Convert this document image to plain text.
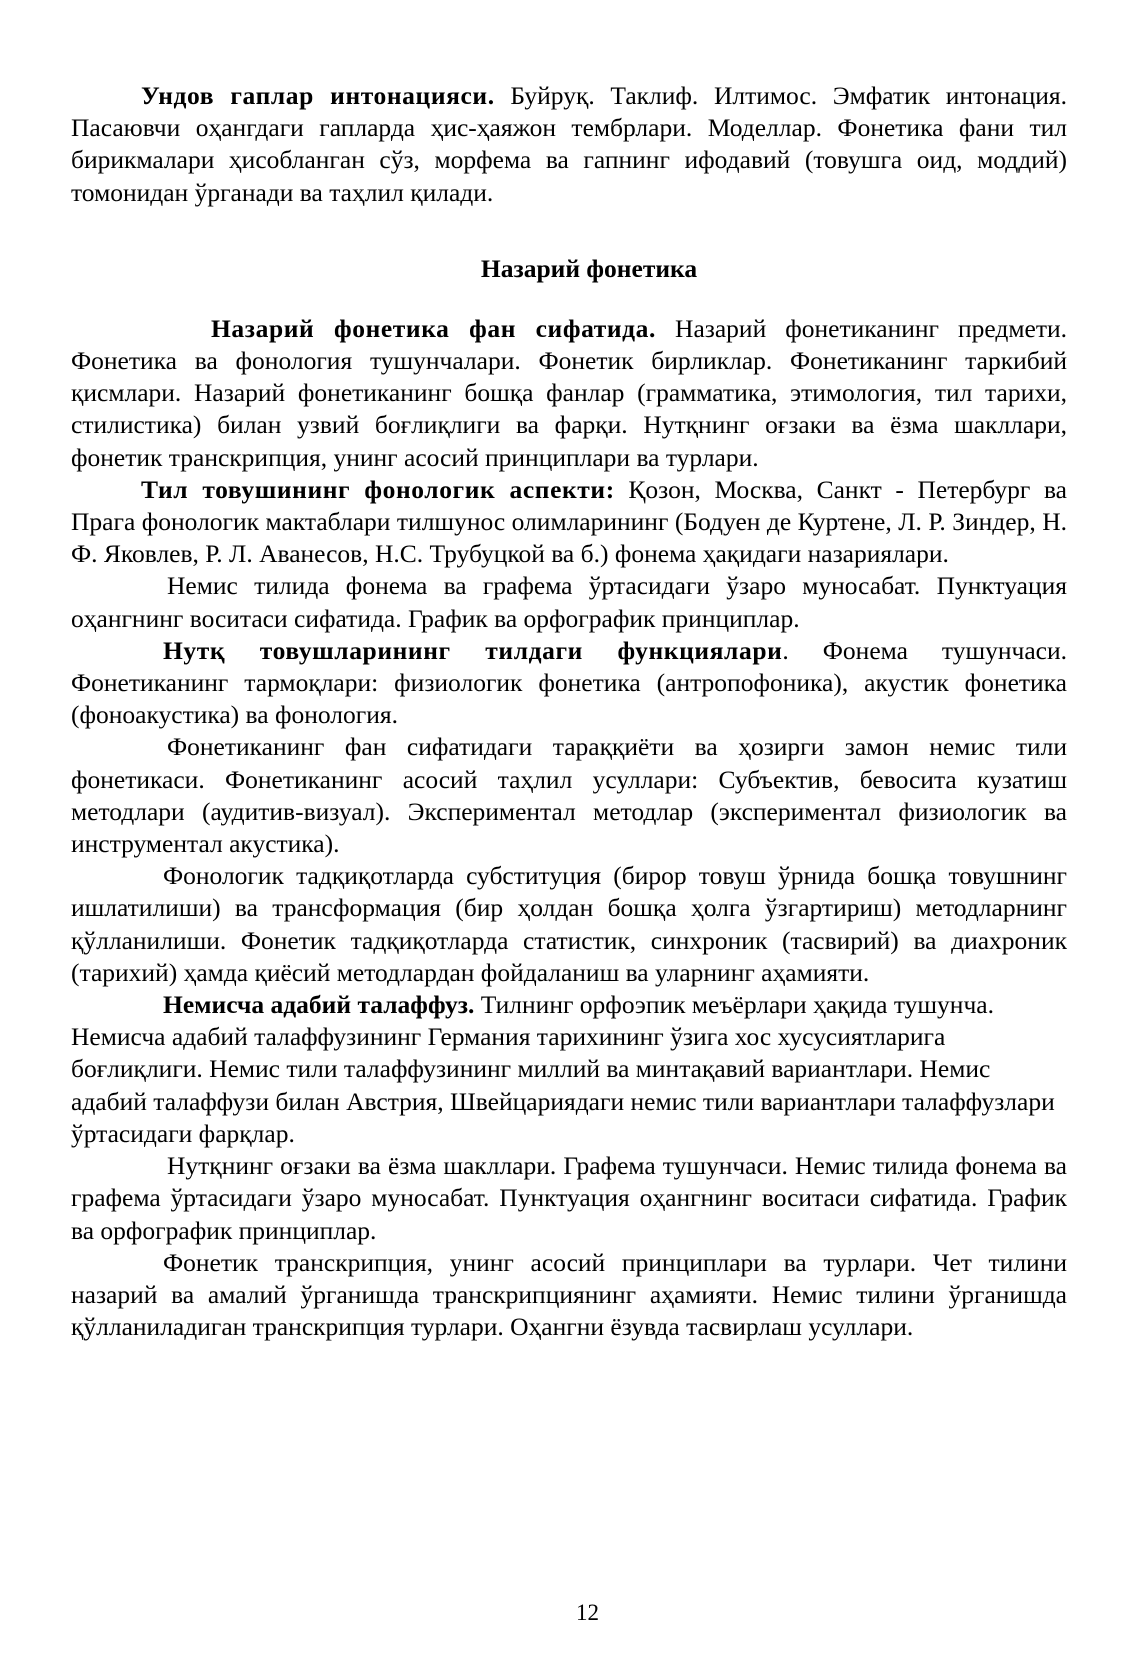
Ундов гаплар интонацияси. Буйруқ. Таклиф. Илтимос. Эмфатик интонация. Пасаювчи оҳангдаги гапларда ҳис-ҳаяжон тембрлари. Моделлар. Фонетика фани тил бирикмалари ҳисобланган сўз, морфема ва гапнинг ифодавий (товушга оид, моддий) томонидан ўрганади ва таҳлил қилади.

Назарий фонетика

Назарий фонетика фан сифатида. Назарий фонетиканинг предмети. Фонетика ва фонология тушунчалари. Фонетик бирликлар. Фонетиканинг таркибий қисмлари. Назарий фонетиканинг бошқа фанлар (грамматика, этимология, тил тарихи, стилистика) билан узвий боғлиқлиги ва фарқи. Нутқнинг оғзаки ва ёзма шакллари, фонетик транскрипция, унинг асосий принциплари ва турлари.

Тил товушининг фонологик аспекти: Қозон, Москва, Санкт - Петербург ва Прага фонологик мактаблари тилшунос олимларининг (Бодуен де Куртене, Л. Р. Зиндер, Н. Ф. Яковлев, Р. Л. Аванесов, Н.С. Трубуцкой ва б.) фонема ҳақидаги назариялари.

Немис тилида фонема ва графема ўртасидаги ўзаро муносабат. Пунктуация оҳангнинг воситаси сифатида. График ва орфографик принциплар.

Нутқ товушларининг тилдаги функциялари. Фонема тушунчаси. Фонетиканинг тармоқлари: физиологик фонетика (антропофоника), акустик фонетика (фоноакустика) ва фонология.

Фонетиканинг фан сифатидаги тараққиёти ва ҳозирги замон немис тили фонетикаси. Фонетиканинг асосий таҳлил усуллари: Субъектив, бевосита кузатиш методлари (аудитив-визуал). Экспериментал методлар (экспериментал физиологик ва инструментал акустика).

Фонологик тадқиқотларда субституция (бирор товуш ўрнида бошқа товушнинг ишлатилиши) ва трансформация (бир ҳолдан бошқа ҳолга ўзгартириш) методларнинг қўлланилиши. Фонетик тадқиқотларда статистик, синхроник (тасвирий) ва диахроник (тарихий) ҳамда қиёсий методлардан фойдаланиш ва уларнинг аҳамияти.

Немисча адабий талаффуз. Тилнинг орфоэпик меъёрлари ҳақида тушунча. Немисча адабий талаффузининг Германия тарихининг ўзига хос хусусиятларига боғлиқлиги. Немис тили талаффузининг миллий ва минтақавий вариантлари. Немис адабий талаффузи билан Австрия, Швейцариядаги немис тили вариантлари талаффузлари ўртасидаги фарқлар.

Нутқнинг оғзаки ва ёзма шакллари. Графема тушунчаси. Немис тилида фонема ва графема ўртасидаги ўзаро муносабат. Пунктуация оҳангнинг воситаси сифатида. График ва орфографик принциплар.

Фонетик транскрипция, унинг асосий принциплари ва турлари. Чет тилини назарий ва амалий ўрганишда транскрипциянинг аҳамияти. Немис тилини ўрганишда қўлланиладиган транскрипция турлари. Оҳангни ёзувда тасвирлаш усуллари.

12
